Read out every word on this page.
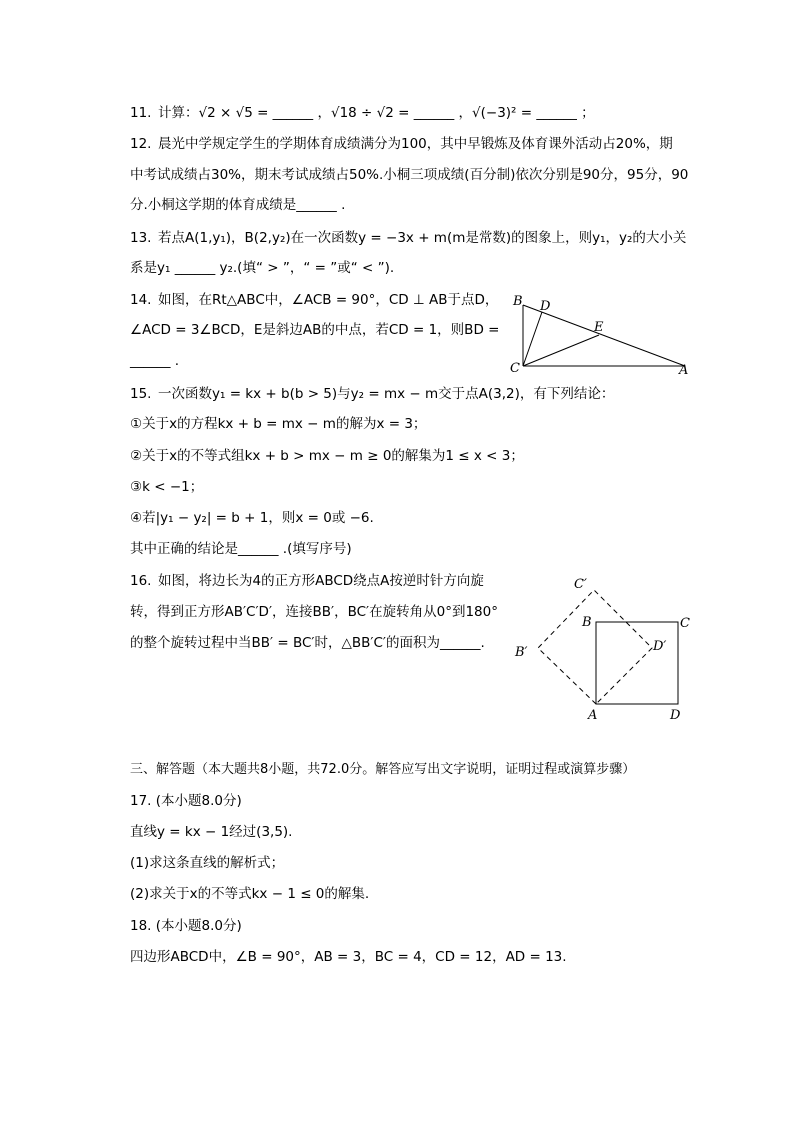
11. 计算：√2 × √5 = ______ ，√18 ÷ √2 = ______ ，√(−3)² = ______ ；
12. 晨光中学规定学生的学期体育成绩满分为100，其中早锻炼及体育课外活动占20%，期
中考试成绩占30%，期末考试成绩占50%.小桐三项成绩(百分制)依次分别是90分，95分，90
分.小桐这学期的体育成绩是______ .
13. 若点A(1,y₁)，B(2,y₂)在一次函数y = −3x + m(m是常数)的图象上，则y₁，y₂的大小关
系是y₁ ______ y₂.(填“ > ”，“ = ”或“ < ”).
14. 如图，在Rt△ABC中，∠ACB = 90°，CD ⊥ AB于点D，
∠ACD = 3∠BCD，E是斜边AB的中点，若CD = 1，则BD =
______ .
B D
E
C	A
15. 一次函数y₁ = kx + b(b > 5)与y₂ = mx − m交于点A(3,2)，有下列结论：
①关于x的方程kx + b = mx − m的解为x = 3；
②关于x的不等式组kx + b > mx − m ≥ 0的解集为1 ≤ x < 3；
③k < −1；
④若|y₁ − y₂| = b + 1，则x = 0或 −6.
其中正确的结论是______ .(填写序号)
16. 如图，将边长为4的正方形ABCD绕点A按逆时针方向旋
转，得到正方形AB′C′D′，连接BB′，BC′在旋转角从0°到180°
的整个旋转过程中当BB′ = BC′时，△BB′C′的面积为______.
C′
B	C
B′	D′
A	D
三、解答题（本大题共8小题，共72.0分。解答应写出文字说明，证明过程或演算步骤）
17. (本小题8.0分)
直线y = kx − 1经过(3,5).
(1)求这条直线的解析式；
(2)求关于x的不等式kx − 1 ≤ 0的解集.
18. (本小题8.0分)
四边形ABCD中，∠B = 90°，AB = 3，BC = 4，CD = 12，AD = 13.
